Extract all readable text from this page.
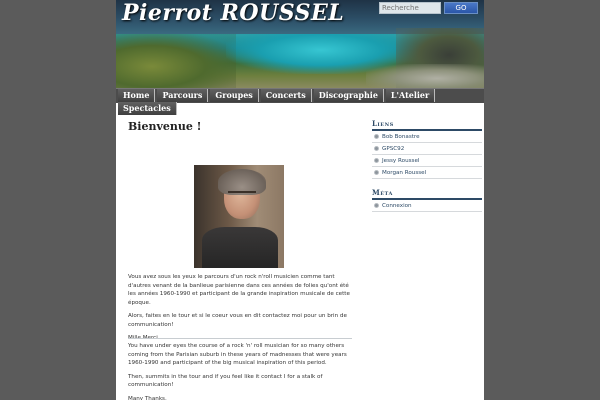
Pierrot ROUSSEL
Recherche	GO
Home	Parcours	Groupes	Concerts	Discographie	L'Atelier
Spectacles
Bienvenue !

Vous avez sous les yeux le parcours d'un rock n'roll musicien comme tant d'autres venant de la banlieue parisienne dans ces années de folies qu'ont été les années 1960-1990 et participant de la grande inspiration musicale de cette époque.

Alors, faites en le tour et si le coeur vous en dit contactez moi pour un brin de communication!

You have under eyes the course of a rock 'n' roll musician for so many others coming from the Parisian suburb in these years of madnesses that were years 1960-1990 and participant of the big musical inspiration of this period.

Then, summits in the tour and if you feel like it contact I for a stalk of communication!

Many Thanks.

Liens
Bob Bonastre
GPSC92
Jessy Roussel
Morgan Roussel
Méta
Connexion
